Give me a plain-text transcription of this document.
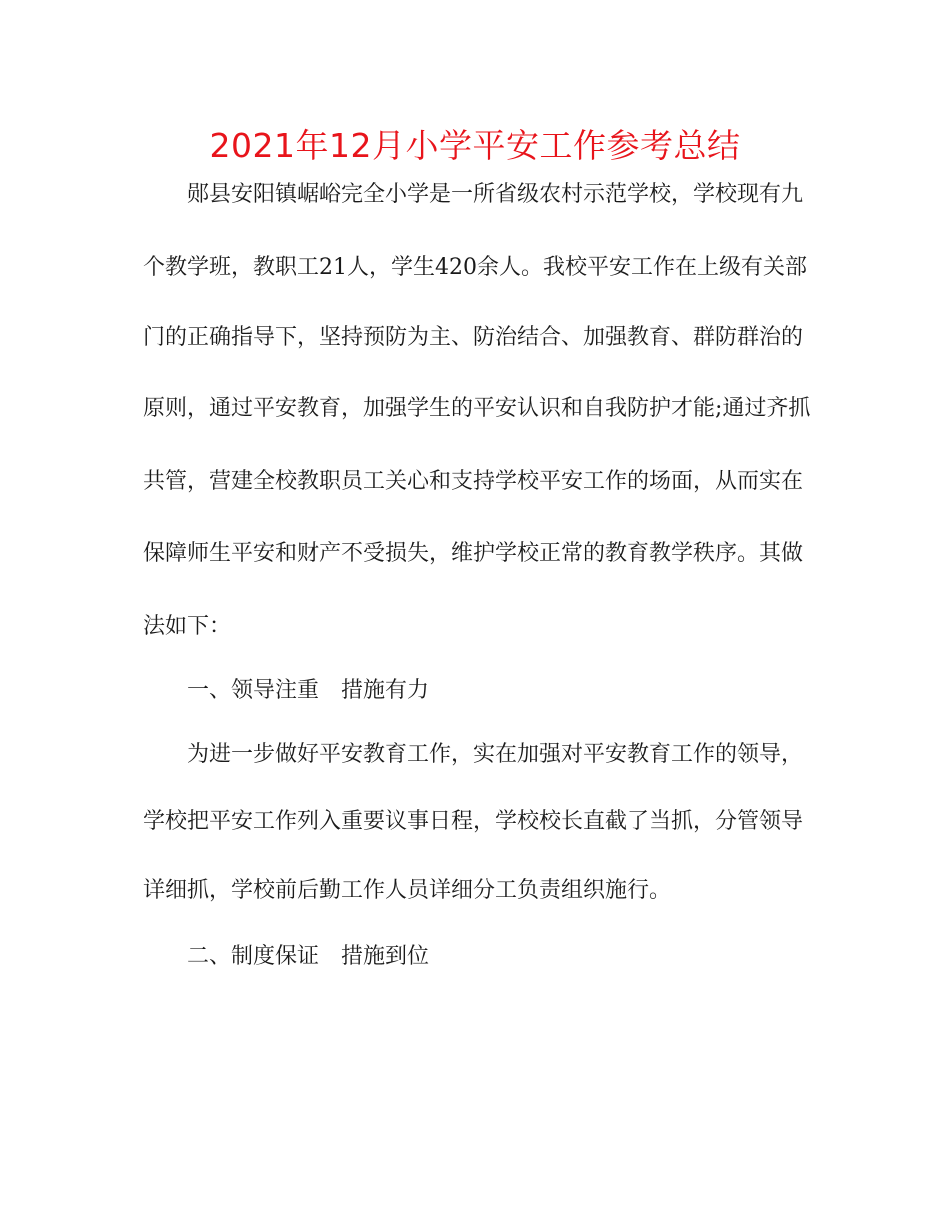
2021年12月小学平安工作参考总结
郧县安阳镇崌峪完全小学是一所省级农村示范学校，学校现有九
个教学班，教职工21人，学生420余人。我校平安工作在上级有关部
门的正确指导下，坚持预防为主、防治结合、加强教育、群防群治的
原则，通过平安教育，加强学生的平安认识和自我防护才能;通过齐抓
共管，营建全校教职员工关心和支持学校平安工作的场面，从而实在
保障师生平安和财产不受损失，维护学校正常的教育教学秩序。其做
法如下：
一、领导注重　措施有力
为进一步做好平安教育工作，实在加强对平安教育工作的领导，
学校把平安工作列入重要议事日程，学校校长直截了当抓，分管领导
详细抓，学校前后勤工作人员详细分工负责组织施行。
二、制度保证　措施到位
